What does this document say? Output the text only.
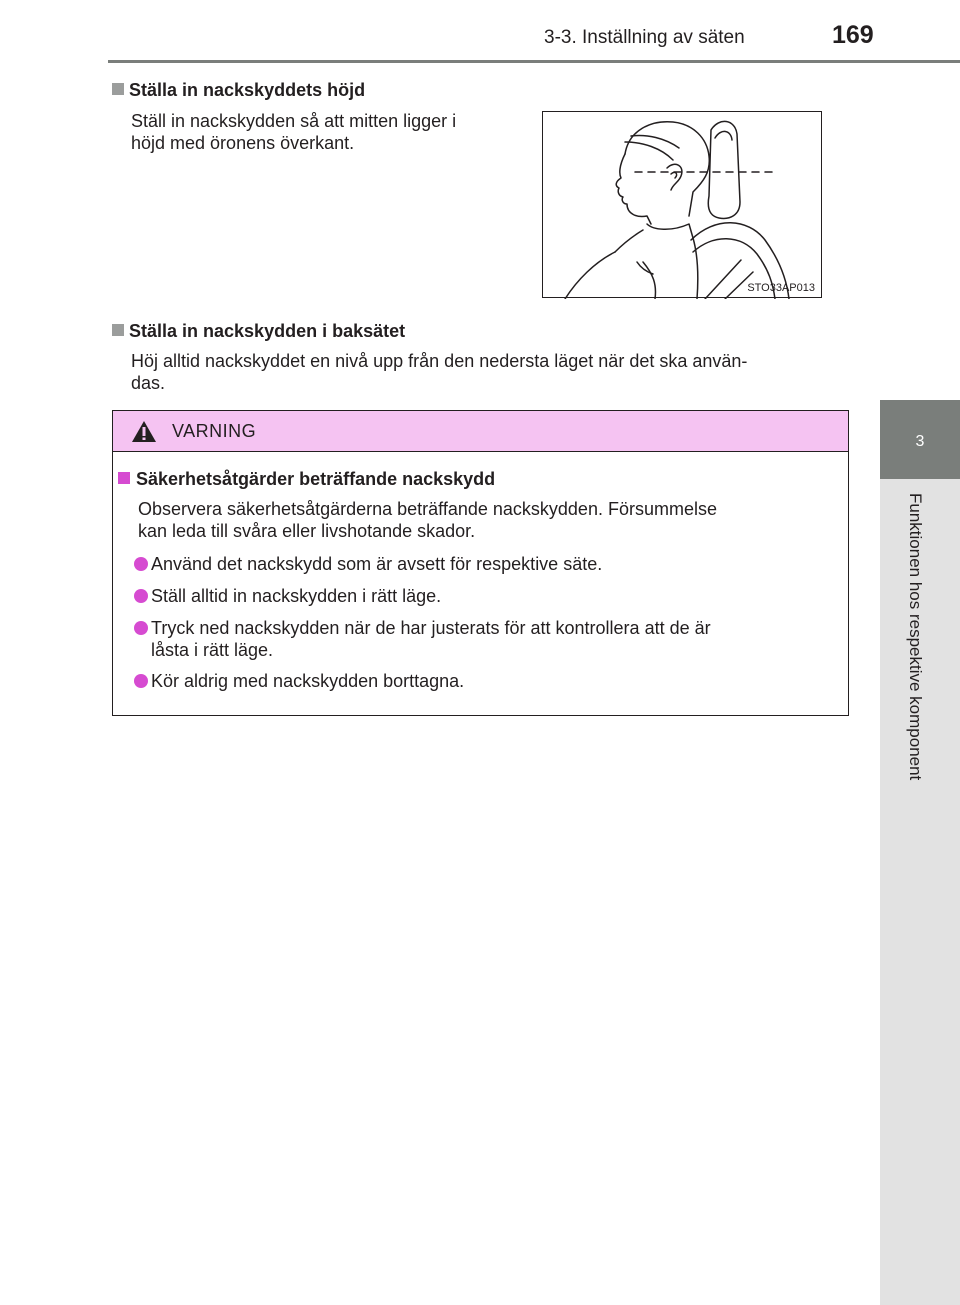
3-3. Inställning av säten	169
3
Funktionen hos respektive komponent
Ställa in nackskyddets höjd
Ställ in nackskydden så att mitten ligger i
höjd med öronens överkant.
STO33AP013
Ställa in nackskydden i baksätet
Höj alltid nackskyddet en nivå upp från den nedersta läget när det ska använ-
das.
VARNING
Säkerhetsåtgärder beträffande nackskydd
Observera säkerhetsåtgärderna beträffande nackskydden. Försummelse
kan leda till svåra eller livshotande skador.
Använd det nackskydd som är avsett för respektive säte.
Ställ alltid in nackskydden i rätt läge.
Tryck ned nackskydden när de har justerats för att kontrollera att de är
låsta i rätt läge.
Kör aldrig med nackskydden borttagna.
